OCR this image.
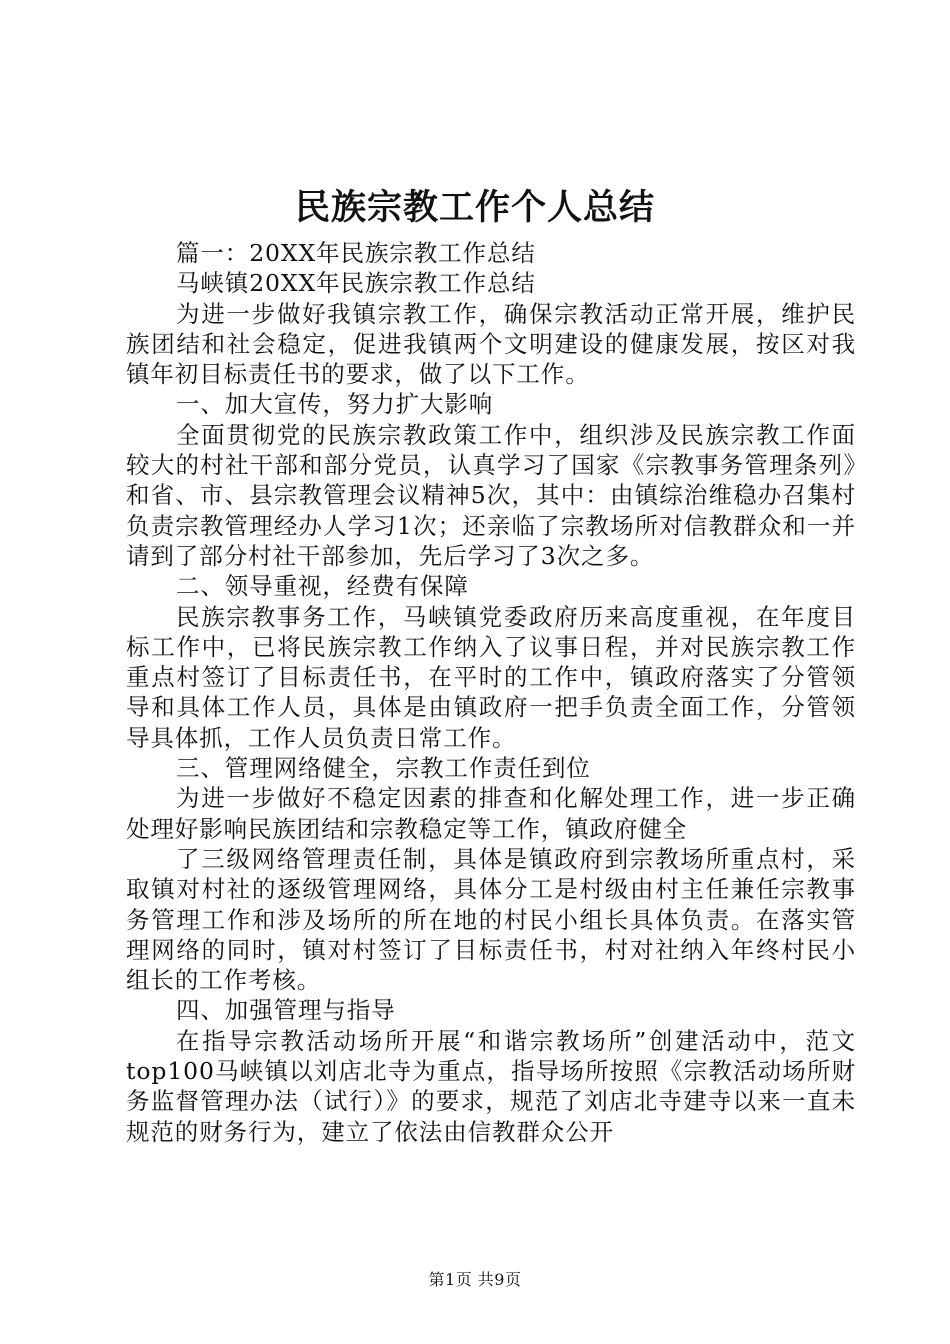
民族宗教工作个人总结

篇一：20XX年民族宗教工作总结

马峡镇20XX年民族宗教工作总结

为进一步做好我镇宗教工作，确保宗教活动正常开展，维护民族团结和社会稳定，促进我镇两个文明建设的健康发展，按区对我镇年初目标责任书的要求，做了以下工作。

一、加大宣传，努力扩大影响

全面贯彻党的民族宗教政策工作中，组织涉及民族宗教工作面较大的村社干部和部分党员，认真学习了国家《宗教事务管理条列》和省、市、县宗教管理会议精神5次，其中：由镇综治维稳办召集村负责宗教管理经办人学习1次；还亲临了宗教场所对信教群众和一并请到了部分村社干部参加，先后学习了3次之多。

二、领导重视，经费有保障

民族宗教事务工作，马峡镇党委政府历来高度重视，在年度目标工作中，已将民族宗教工作纳入了议事日程，并对民族宗教工作重点村签订了目标责任书，在平时的工作中，镇政府落实了分管领导和具体工作人员，具体是由镇政府一把手负责全面工作，分管领导具体抓，工作人员负责日常工作。

三、管理网络健全，宗教工作责任到位

为进一步做好不稳定因素的排查和化解处理工作，进一步正确处理好影响民族团结和宗教稳定等工作，镇政府健全

了三级网络管理责任制，具体是镇政府到宗教场所重点村，采取镇对村社的逐级管理网络，具体分工是村级由村主任兼任宗教事务管理工作和涉及场所的所在地的村民小组长具体负责。在落实管理网络的同时，镇对村签订了目标责任书，村对社纳入年终村民小组长的工作考核。

四、加强管理与指导

在指导宗教活动场所开展“和谐宗教场所”创建活动中，范文top100马峡镇以刘店北寺为重点，指导场所按照《宗教活动场所财务监督管理办法（试行）》的要求，规范了刘店北寺建寺以来一直未规范的财务行为，建立了依法由信教群众公开

第1页 共9页
